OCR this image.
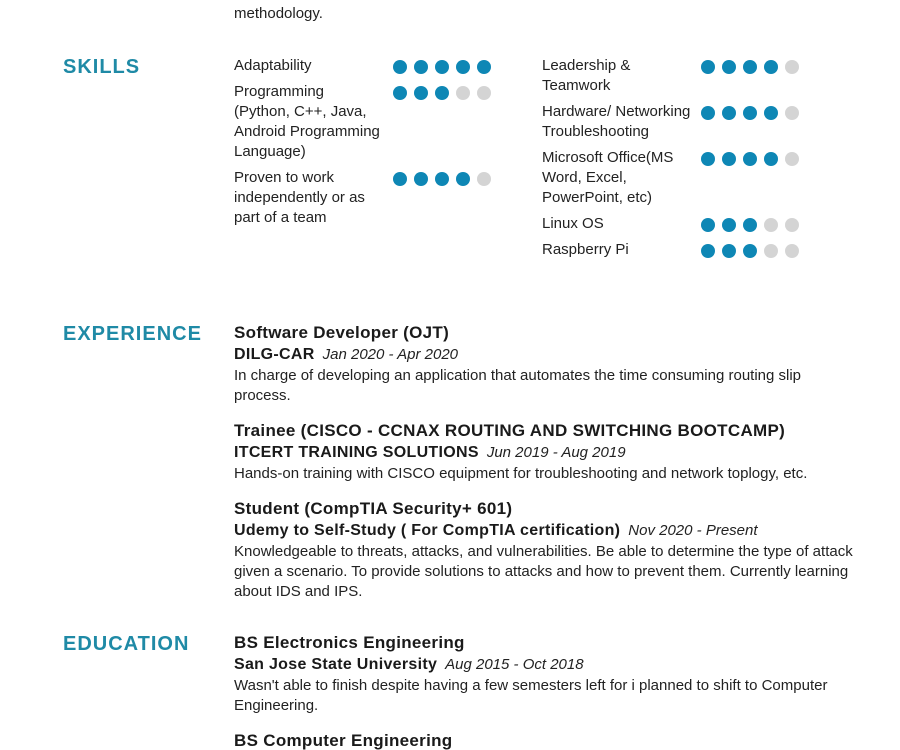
methodology.
SKILLS	Adaptability
Programming (Python, C++, Java, Android Programming Language)
Proven to work independently or as part of a team
Leadership & Teamwork
Hardware/ Networking Troubleshooting
Microsoft Office(MS Word, Excel, PowerPoint, etc)
Linux OS
Raspberry Pi
EXPERIENCE Software Developer (OJT)
DILG-CAR Jan 2020 - Apr 2020
In charge of developing an application that automates the time consuming routing slip process.
Trainee (CISCO - CCNAX ROUTING AND SWITCHING BOOTCAMP)
ITCERT TRAINING SOLUTIONS Jun 2019 - Aug 2019
Hands-on training with CISCO equipment for troubleshooting and network toplogy, etc.
Student (CompTIA Security+ 601)
Udemy to Self-Study ( For CompTIA certification) Nov 2020 - Present
Knowledgeable to threats, attacks, and vulnerabilities. Be able to determine the type of attack given a scenario. To provide solutions to attacks and how to prevent them. Currently learning about IDS and IPS.
EDUCATION	BS Electronics Engineering
San Jose State University Aug 2015 - Oct 2018
Wasn't able to finish despite having a few semesters left for i planned to shift to Computer Engineering.
BS Computer Engineering
